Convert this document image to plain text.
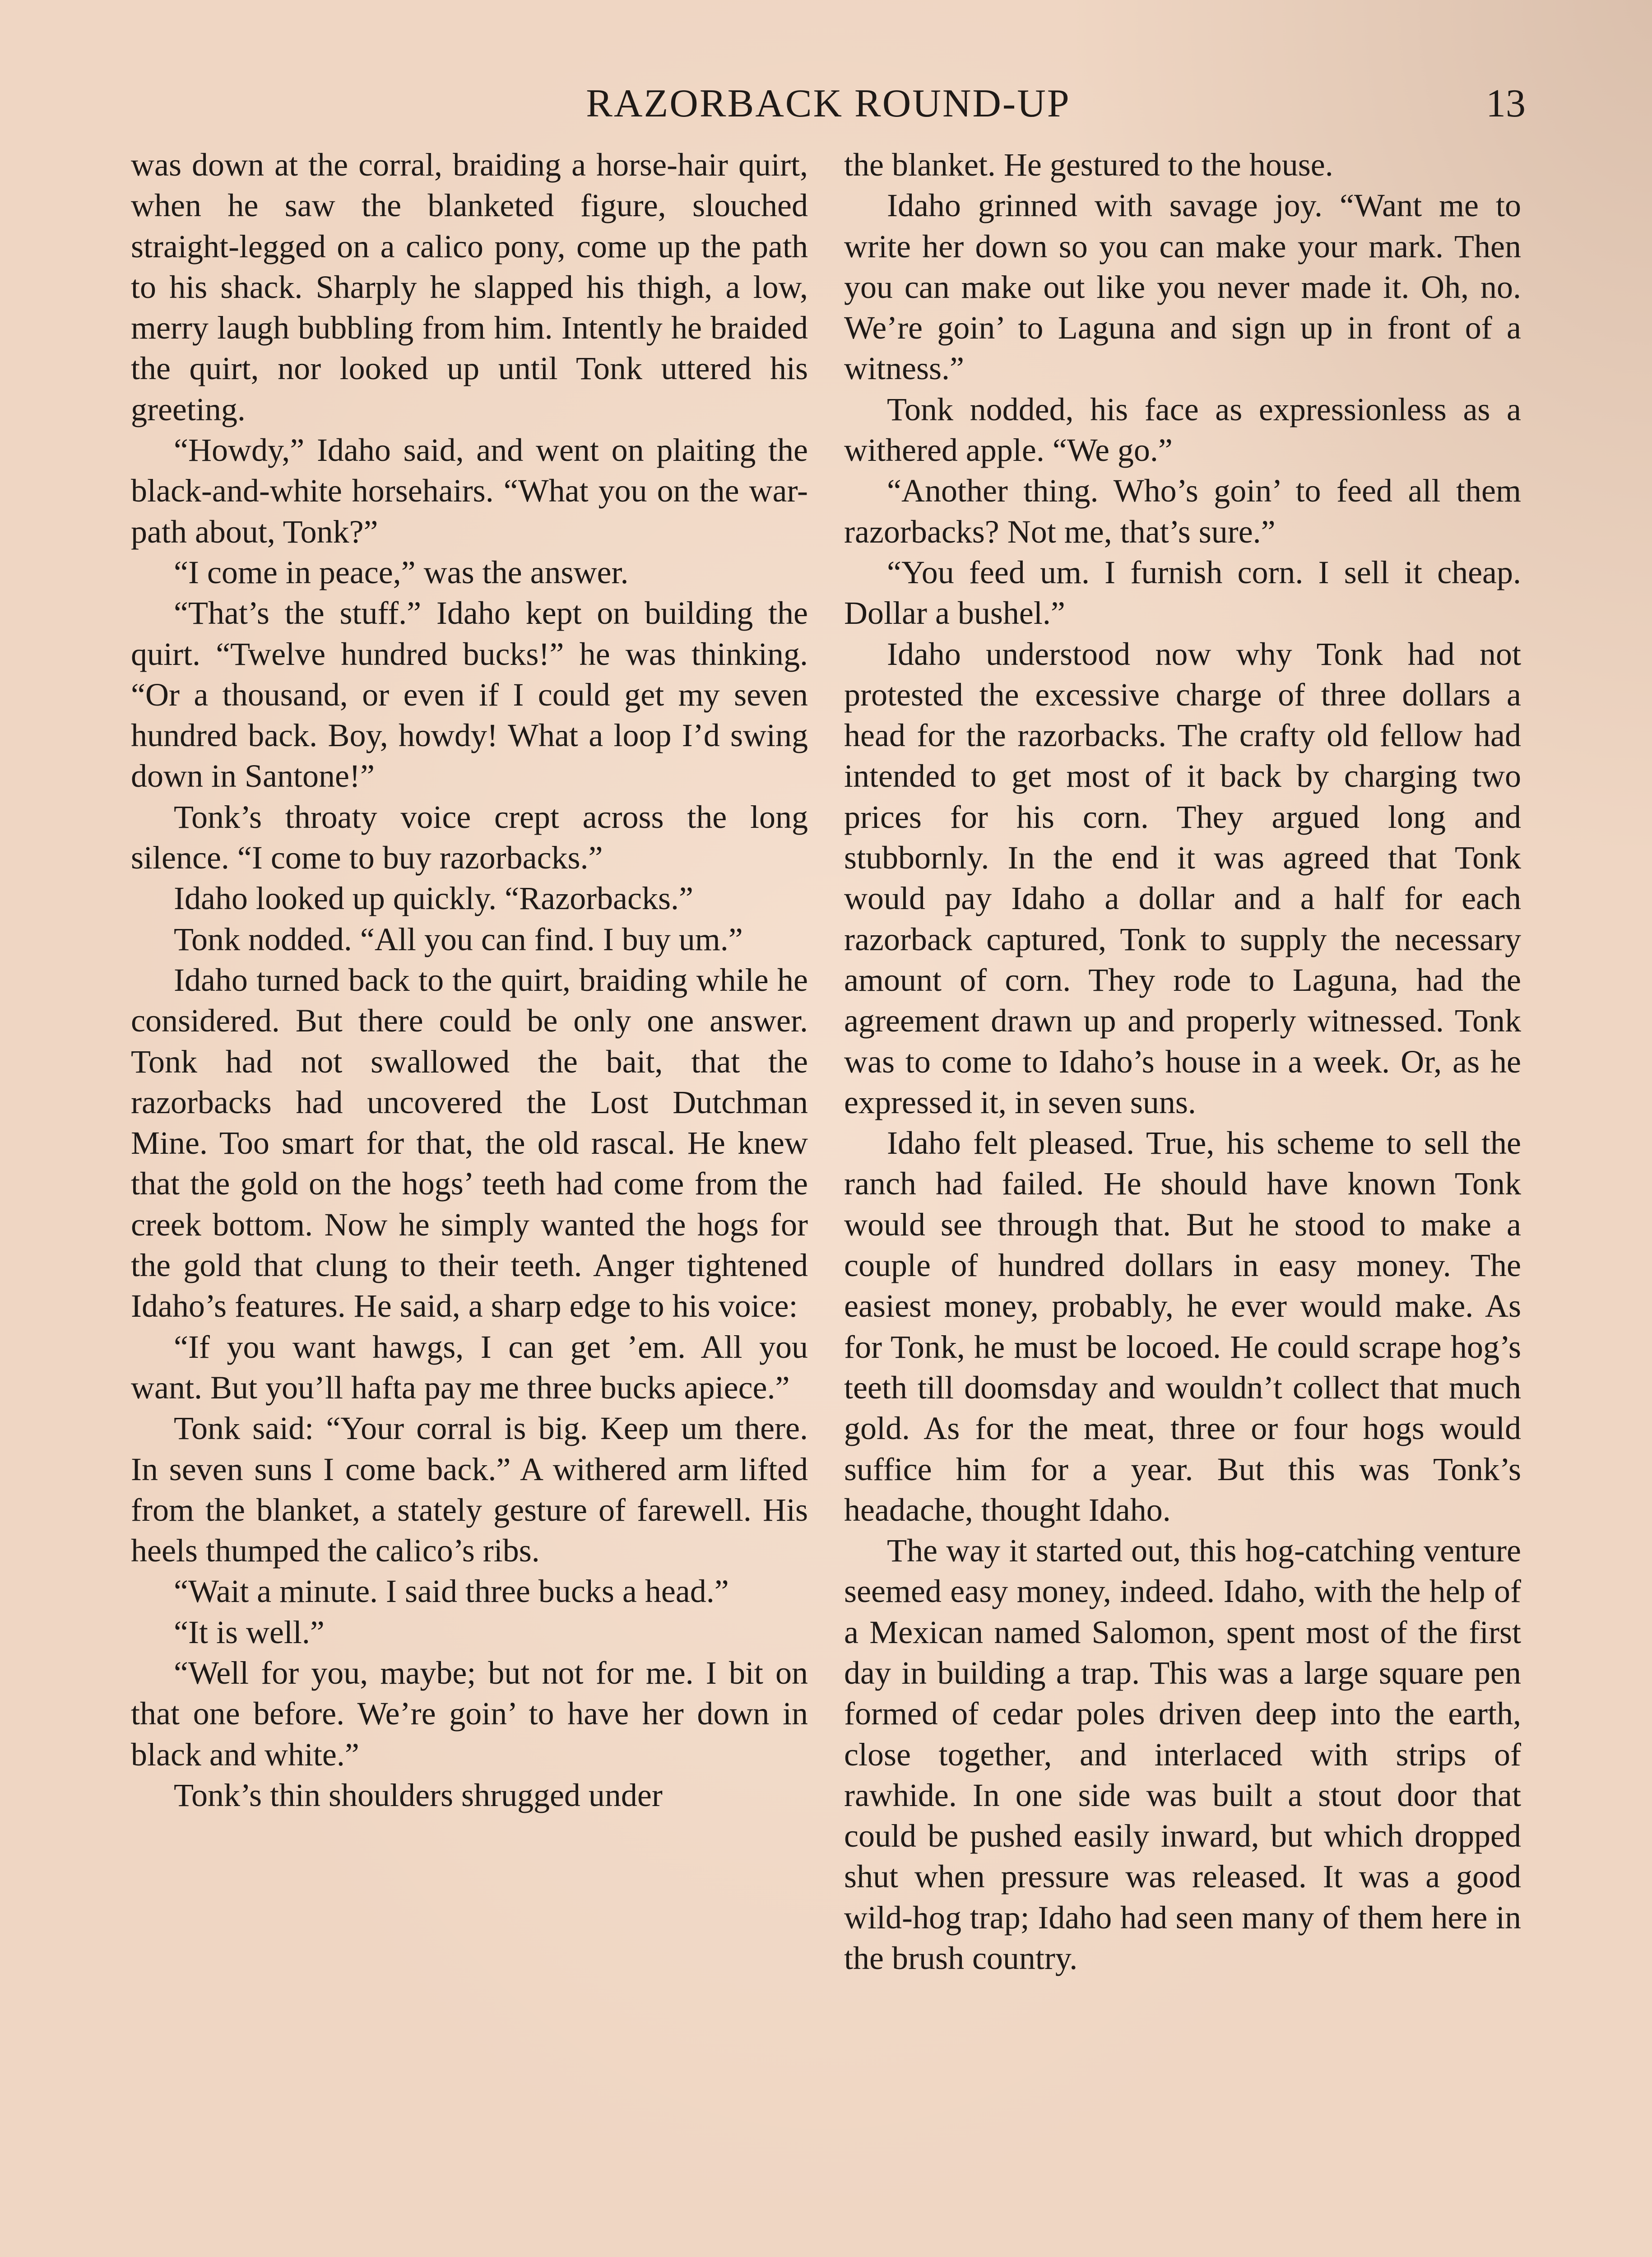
RAZORBACK ROUND-UP	13

was down at the corral, braiding a horse-hair quirt, when he saw the blanketed figure, slouched straight-legged on a calico pony, come up the path to his shack. Sharply he slapped his thigh, a low, merry laugh bubbling from him. Intently he braided the quirt, nor looked up until Tonk uttered his greeting.

“Howdy,” Idaho said, and went on plaiting the black-and-white horsehairs. “What you on the war-path about, Tonk?”

“I come in peace,” was the answer.

“That’s the stuff.” Idaho kept on building the quirt. “Twelve hundred bucks!” he was thinking. “Or a thousand, or even if I could get my seven hundred back. Boy, howdy! What a loop I’d swing down in Santone!”

Tonk’s throaty voice crept across the long silence. “I come to buy razorbacks.”

Idaho looked up quickly. “Razorbacks.”

Tonk nodded. “All you can find. I buy um.”

Idaho turned back to the quirt, braiding while he considered. But there could be only one answer. Tonk had not swallowed the bait, that the razorbacks had uncovered the Lost Dutchman Mine. Too smart for that, the old rascal. He knew that the gold on the hogs’ teeth had come from the creek bottom. Now he simply wanted the hogs for the gold that clung to their teeth. Anger tightened Idaho’s features. He said, a sharp edge to his voice:

“If you want hawgs, I can get ’em. All you want. But you’ll hafta pay me three bucks apiece.”

Tonk said: “Your corral is big. Keep um there. In seven suns I come back.” A withered arm lifted from the blanket, a stately gesture of farewell. His heels thumped the calico’s ribs.

“Wait a minute. I said three bucks a head.”

“It is well.”

“Well for you, maybe; but not for me. I bit on that one before. We’re goin’ to have her down in black and white.”

Tonk’s thin shoulders shrugged under

the blanket. He gestured to the house.

Idaho grinned with savage joy. “Want me to write her down so you can make your mark. Then you can make out like you never made it. Oh, no. We’re goin’ to Laguna and sign up in front of a witness.”

Tonk nodded, his face as expressionless as a withered apple. “We go.”

“Another thing. Who’s goin’ to feed all them razorbacks? Not me, that’s sure.”

“You feed um. I furnish corn. I sell it cheap. Dollar a bushel.”

Idaho understood now why Tonk had not protested the excessive charge of three dollars a head for the razorbacks. The crafty old fellow had intended to get most of it back by charging two prices for his corn. They argued long and stubbornly. In the end it was agreed that Tonk would pay Idaho a dollar and a half for each razorback captured, Tonk to supply the necessary amount of corn. They rode to Laguna, had the agreement drawn up and properly witnessed. Tonk was to come to Idaho’s house in a week. Or, as he expressed it, in seven suns.

Idaho felt pleased. True, his scheme to sell the ranch had failed. He should have known Tonk would see through that. But he stood to make a couple of hundred dollars in easy money. The easiest money, probably, he ever would make. As for Tonk, he must be locoed. He could scrape hog’s teeth till doomsday and wouldn’t collect that much gold. As for the meat, three or four hogs would suffice him for a year. But this was Tonk’s headache, thought Idaho.

The way it started out, this hog-catching venture seemed easy money, indeed. Idaho, with the help of a Mexican named Salomon, spent most of the first day in building a trap. This was a large square pen formed of cedar poles driven deep into the earth, close together, and interlaced with strips of rawhide. In one side was built a stout door that could be pushed easily inward, but which dropped shut when pressure was released. It was a good wild-hog trap; Idaho had seen many of them here in the brush country.
